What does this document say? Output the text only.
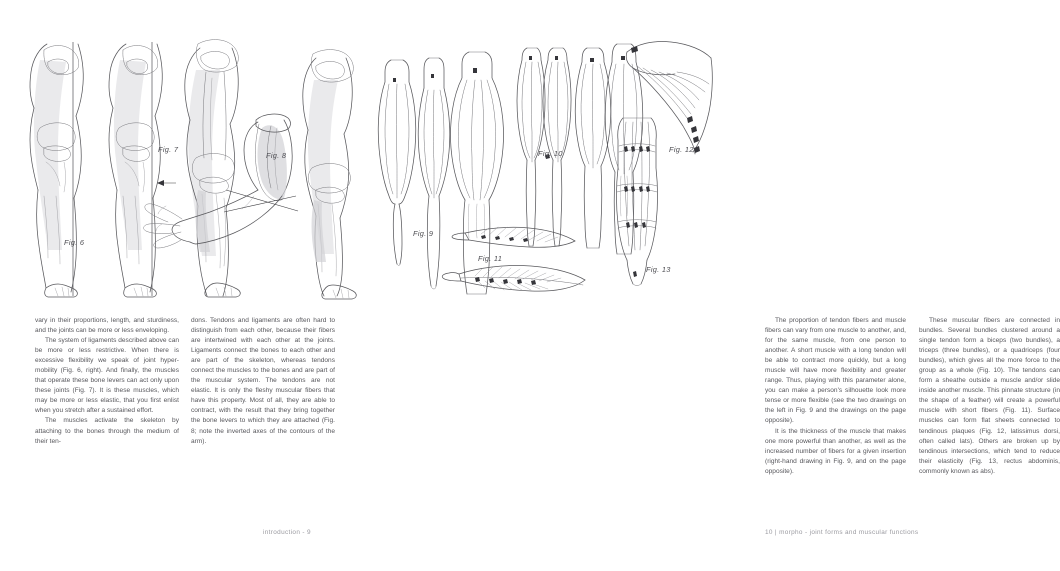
Fig. 6
Fig. 7
Fig. 8

vary in their proportions, length, and sturdiness, and the joints can be more or less enveloping.

The system of ligaments described above can be more or less restrictive. When there is excessive flexibility we speak of joint hyper-mobility (Fig. 6, right). And finally, the muscles that operate these bone levers can act only upon these joints (Fig. 7). It is these muscles, which may be more or less elastic, that you first enlist when you stretch after a sustained effort.

The muscles activate the skeleton by attaching to the bones through the medium of their ten-

dons. Tendons and ligaments are often hard to distinguish from each other, because their fibers are intertwined with each other at the joints. Ligaments connect the bones to each other and are part of the skeleton, whereas tendons connect the muscles to the bones and are part of the muscular system. The tendons are not elastic. It is only the fleshy muscular fibers that have this property. Most of all, they are able to contract, with the result that they bring together the bone levers to which they are attached (Fig. 8; note the inverted axes of the contours of the arm).

introduction - 9
Fig. 9
Fig. 10
Fig. 11
Fig. 12
Fig. 13

The proportion of tendon fibers and muscle fibers can vary from one muscle to another, and, for the same muscle, from one person to another. A short muscle with a long tendon will be able to contract more quickly, but a long muscle will have more flexibility and greater range. Thus, playing with this parameter alone, you can make a person's silhouette look more tense or more flexible (see the two drawings on the left in Fig. 9 and the drawings on the page opposite).

It is the thickness of the muscle that makes one more powerful than another, as well as the increased number of fibers for a given insertion (right-hand drawing in Fig. 9, and on the page opposite).

These muscular fibers are connected in bundles. Several bundles clustered around a single tendon form a biceps (two bundles), a triceps (three bundles), or a quadriceps (four bundles), which gives all the more force to the group as a whole (Fig. 10). The tendons can form a sheathe outside a muscle and/or slide inside another muscle. This pinnate structure (in the shape of a feather) will create a powerful muscle with short fibers (Fig. 11). Surface muscles can form flat sheets connected to tendinous plaques (Fig. 12, latissimus dorsi, often called lats). Others are broken up by tendinous intersections, which tend to reduce their elasticity (Fig. 13, rectus abdominis, commonly known as abs).

10 | morpho - joint forms and muscular functions
